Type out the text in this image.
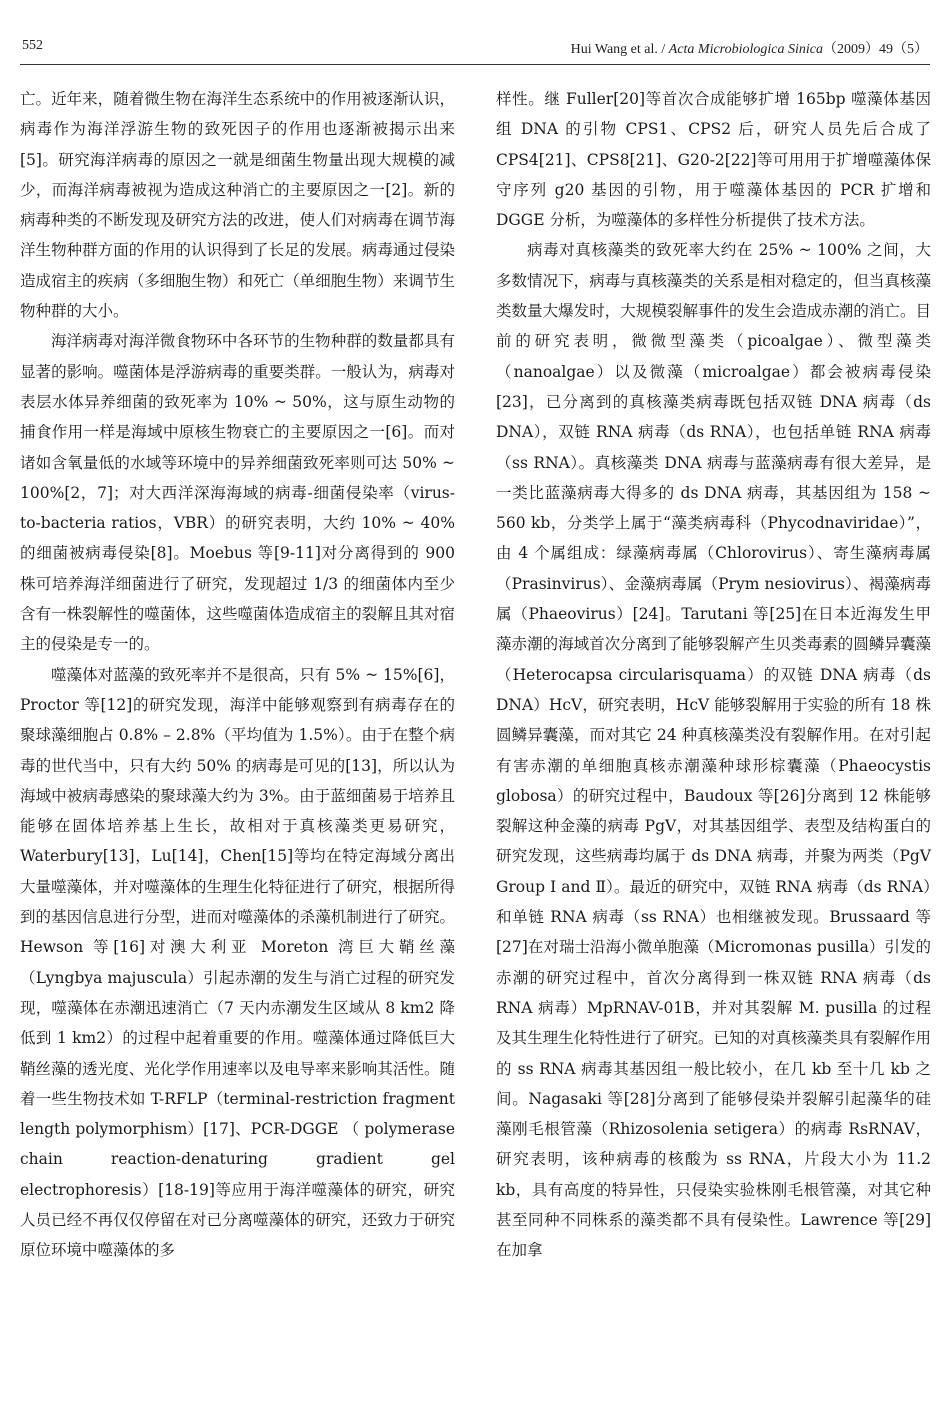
552	Hui Wang et al. / Acta Microbiologica Sinica（2009）49（5）

亡。近年来，随着微生物在海洋生态系统中的作用被逐渐认识，病毒作为海洋浮游生物的致死因子的作用也逐渐被揭示出来[5]。研究海洋病毒的原因之一就是细菌生物量出现大规模的减少，而海洋病毒被视为造成这种消亡的主要原因之一[2]。新的病毒种类的不断发现及研究方法的改进，使人们对病毒在调节海洋生物种群方面的作用的认识得到了长足的发展。病毒通过侵染造成宿主的疾病（多细胞生物）和死亡（单细胞生物）来调节生物种群的大小。

海洋病毒对海洋微食物环中各环节的生物种群的数量都具有显著的影响。噬菌体是浮游病毒的重要类群。一般认为，病毒对表层水体异养细菌的致死率为 10% ~ 50%，这与原生动物的捕食作用一样是海域中原核生物衰亡的主要原因之一[6]。而对诸如含氧量低的水域等环境中的异养细菌致死率则可达 50% ~ 100%[2，7]；对大西洋深海海域的病毒-细菌侵染率（virus-to-bacteria ratios，VBR）的研究表明，大约 10% ~ 40% 的细菌被病毒侵染[8]。Moebus 等[9-11]对分离得到的 900 株可培养海洋细菌进行了研究，发现超过 1/3 的细菌体内至少含有一株裂解性的噬菌体，这些噬菌体造成宿主的裂解且其对宿主的侵染是专一的。

噬藻体对蓝藻的致死率并不是很高，只有 5% ~ 15%[6]，Proctor 等[12]的研究发现，海洋中能够观察到有病毒存在的聚球藻细胞占 0.8% – 2.8%（平均值为 1.5%）。由于在整个病毒的世代当中，只有大约 50% 的病毒是可见的[13]，所以认为海域中被病毒感染的聚球藻大约为 3%。由于蓝细菌易于培养且能够在固体培养基上生长，故相对于真核藻类更易研究，Waterbury[13]，Lu[14]，Chen[15]等均在特定海域分离出大量噬藻体，并对噬藻体的生理生化特征进行了研究，根据所得到的基因信息进行分型，进而对噬藻体的杀藻机制进行了研究。Hewson 等[16]对澳大利亚 Moreton 湾巨大鞘丝藻（Lyngbya majuscula）引起赤潮的发生与消亡过程的研究发现，噬藻体在赤潮迅速消亡（7 天内赤潮发生区域从 8 km2 降低到 1 km2）的过程中起着重要的作用。噬藻体通过降低巨大鞘丝藻的透光度、光化学作用速率以及电导率来影响其活性。随着一些生物技术如 T-RFLP（terminal-restriction fragment length polymorphism）[17]、PCR-DGGE （ polymerase chain reaction-denaturing gradient gel electrophoresis）[18-19]等应用于海洋噬藻体的研究，研究人员已经不再仅仅停留在对已分离噬藻体的研究，还致力于研究原位环境中噬藻体的多

样性。继 Fuller[20]等首次合成能够扩增 165bp 噬藻体基因组 DNA 的引物 CPS1、CPS2 后，研究人员先后合成了 CPS4[21]、CPS8[21]、G20-2[22]等可用用于扩增噬藻体保守序列 g20 基因的引物，用于噬藻体基因的 PCR 扩增和 DGGE 分析，为噬藻体的多样性分析提供了技术方法。

病毒对真核藻类的致死率大约在 25% ~ 100% 之间，大多数情况下，病毒与真核藻类的关系是相对稳定的，但当真核藻类数量大爆发时，大规模裂解事件的发生会造成赤潮的消亡。目前的研究表明，微微型藻类（picoalgae）、微型藻类（nanoalgae）以及微藻（microalgae）都会被病毒侵染[23]，已分离到的真核藻类病毒既包括双链 DNA 病毒（ds DNA），双链 RNA 病毒（ds RNA），也包括单链 RNA 病毒（ss RNA）。真核藻类 DNA 病毒与蓝藻病毒有很大差异，是一类比蓝藻病毒大得多的 ds DNA 病毒，其基因组为 158 ~ 560 kb，分类学上属于“藻类病毒科（Phycodnaviridae）”，由 4 个属组成：绿藻病毒属（Chlorovirus）、寄生藻病毒属（Prasinvirus）、金藻病毒属（Prym nesiovirus）、褐藻病毒属（Phaeovirus）[24]。Tarutani 等[25]在日本近海发生甲藻赤潮的海域首次分离到了能够裂解产生贝类毒素的圆鳞异囊藻（Heterocapsa circularisquama）的双链 DNA 病毒（ds DNA）HcV，研究表明，HcV 能够裂解用于实验的所有 18 株圆鳞异囊藻，而对其它 24 种真核藻类没有裂解作用。在对引起有害赤潮的单细胞真核赤潮藻种球形棕囊藻（Phaeocystis globosa）的研究过程中，Baudoux 等[26]分离到 12 株能够裂解这种金藻的病毒 PgV，对其基因组学、表型及结构蛋白的研究发现，这些病毒均属于 ds DNA 病毒，并聚为两类（PgV Group I and Ⅱ）。最近的研究中，双链 RNA 病毒（ds RNA）和单链 RNA 病毒（ss RNA）也相继被发现。Brussaard 等[27]在对瑞士沿海小微单胞藻（Micromonas pusilla）引发的赤潮的研究过程中，首次分离得到一株双链 RNA 病毒（ds RNA 病毒）MpRNAV-01B，并对其裂解 M. pusilla 的过程及其生理生化特性进行了研究。已知的对真核藻类具有裂解作用的 ss RNA 病毒其基因组一般比较小，在几 kb 至十几 kb 之间。Nagasaki 等[28]分离到了能够侵染并裂解引起藻华的硅藻刚毛根管藻（Rhizosolenia setigera）的病毒 RsRNAV，研究表明，该种病毒的核酸为 ss RNA，片段大小为 11.2 kb，具有高度的特异性，只侵染实验株刚毛根管藻，对其它种甚至同种不同株系的藻类都不具有侵染性。Lawrence 等[29]在加拿
